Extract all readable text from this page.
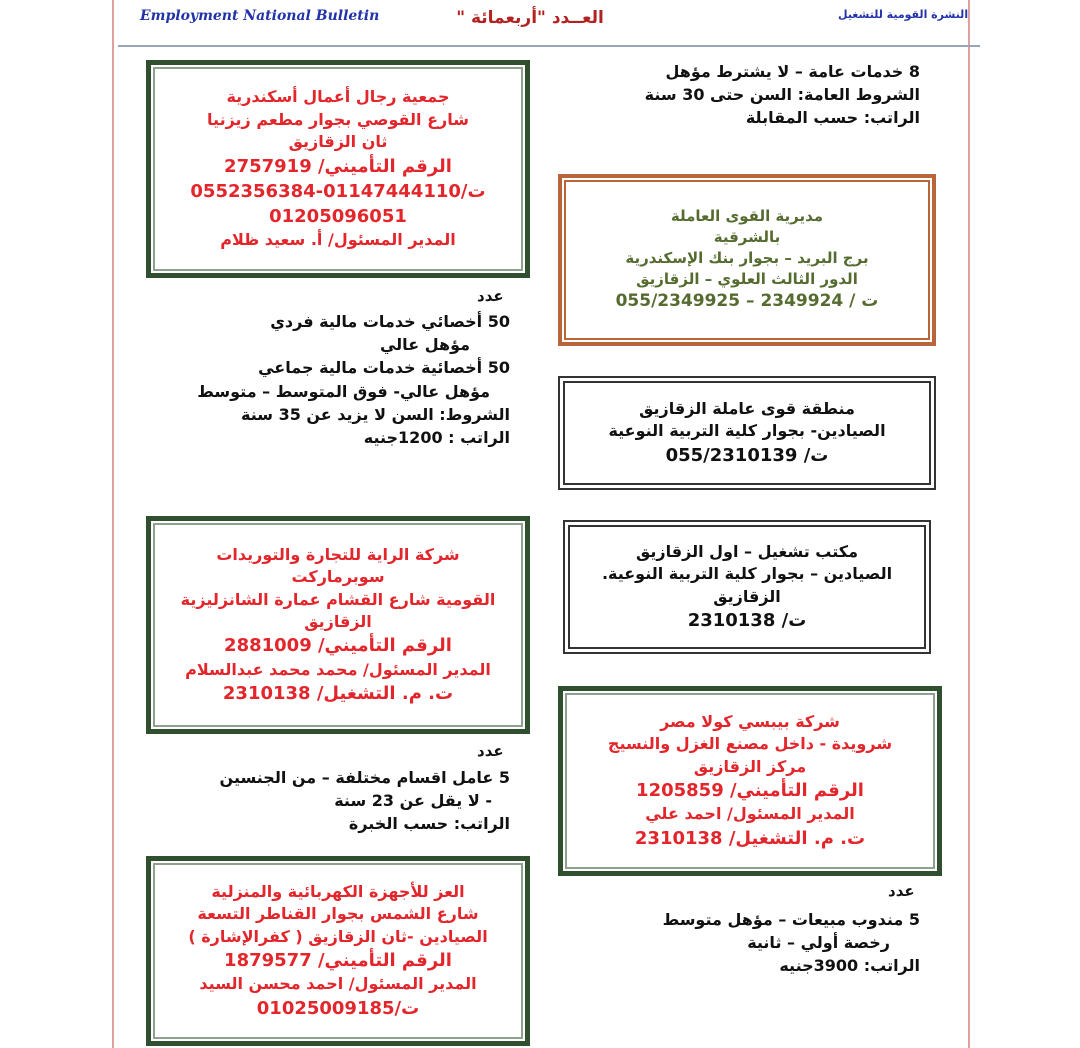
Employment National Bulletin	العــدد "أربعمائة "	النشرة القومية للتشغيل
جمعية رجال أعمال أسكندرية
شارع القوصي بجوار مطعم زيزنيا
ثان الزقازيق
الرقم التأميني/ 2757919
ت/01147444110-0552356384
01205096051
المدير المسئول/ أ. سعيد ظلام
عدد
50 أخصائي خدمات مالية فردي
مؤهل عالي
50 أخصائية خدمات مالية جماعي
مؤهل عالي- فوق المتوسط – متوسط
الشروط: السن لا يزيد عن 35 سنة
الراتب : 1200جنيه
شركة الراية للتجارة والتوريدات
سوبرماركت
القومية شارع القشام عمارة الشانزليزية
الزقازيق
الرقم التأميني/ 2881009
المدير المسئول/ محمد محمد عبدالسلام
ت. م. التشغيل/ 2310138
عدد
5 عامل اقسام مختلفة – من الجنسين
- لا يقل عن 23 سنة
الراتب: حسب الخبرة
العز للأجهزة الكهربائية والمنزلية
شارع الشمس بجوار القناطر التسعة
الصيادين -ثان الزقازيق ( كفرالإشارة )
الرقم التأميني/ 1879577
المدير المسئول/ احمد محسن السيد
ت/01025009185
8 خدمات عامة – لا يشترط مؤهل
الشروط العامة: السن حتى 30 سنة
الراتب: حسب المقابلة
مديرية القوى العاملة
بالشرقية
برج البريد – بجوار بنك الإسكندرية
الدور الثالث العلوي – الزقازيق
ت / 2349924 – 055/2349925
منطقة قوى عاملة الزقازيق
الصيادين- بجوار كلية التربية النوعية
ت/ 055/2310139
مكتب تشغيل – اول الزقازيق
الصيادين – بجوار كلية التربية النوعية.
الزقازيق
ت/ 2310138
شركة بيبسي كولا مصر
شرويدة - داخل مصنع الغزل والنسيج
مركز الزقازيق
الرقم التأميني/ 1205859
المدير المسئول/ احمد علي
ت. م. التشغيل/ 2310138
عدد
5 مندوب مبيعات – مؤهل متوسط
رخصة أولي – ثانية
الراتب: 3900جنيه
